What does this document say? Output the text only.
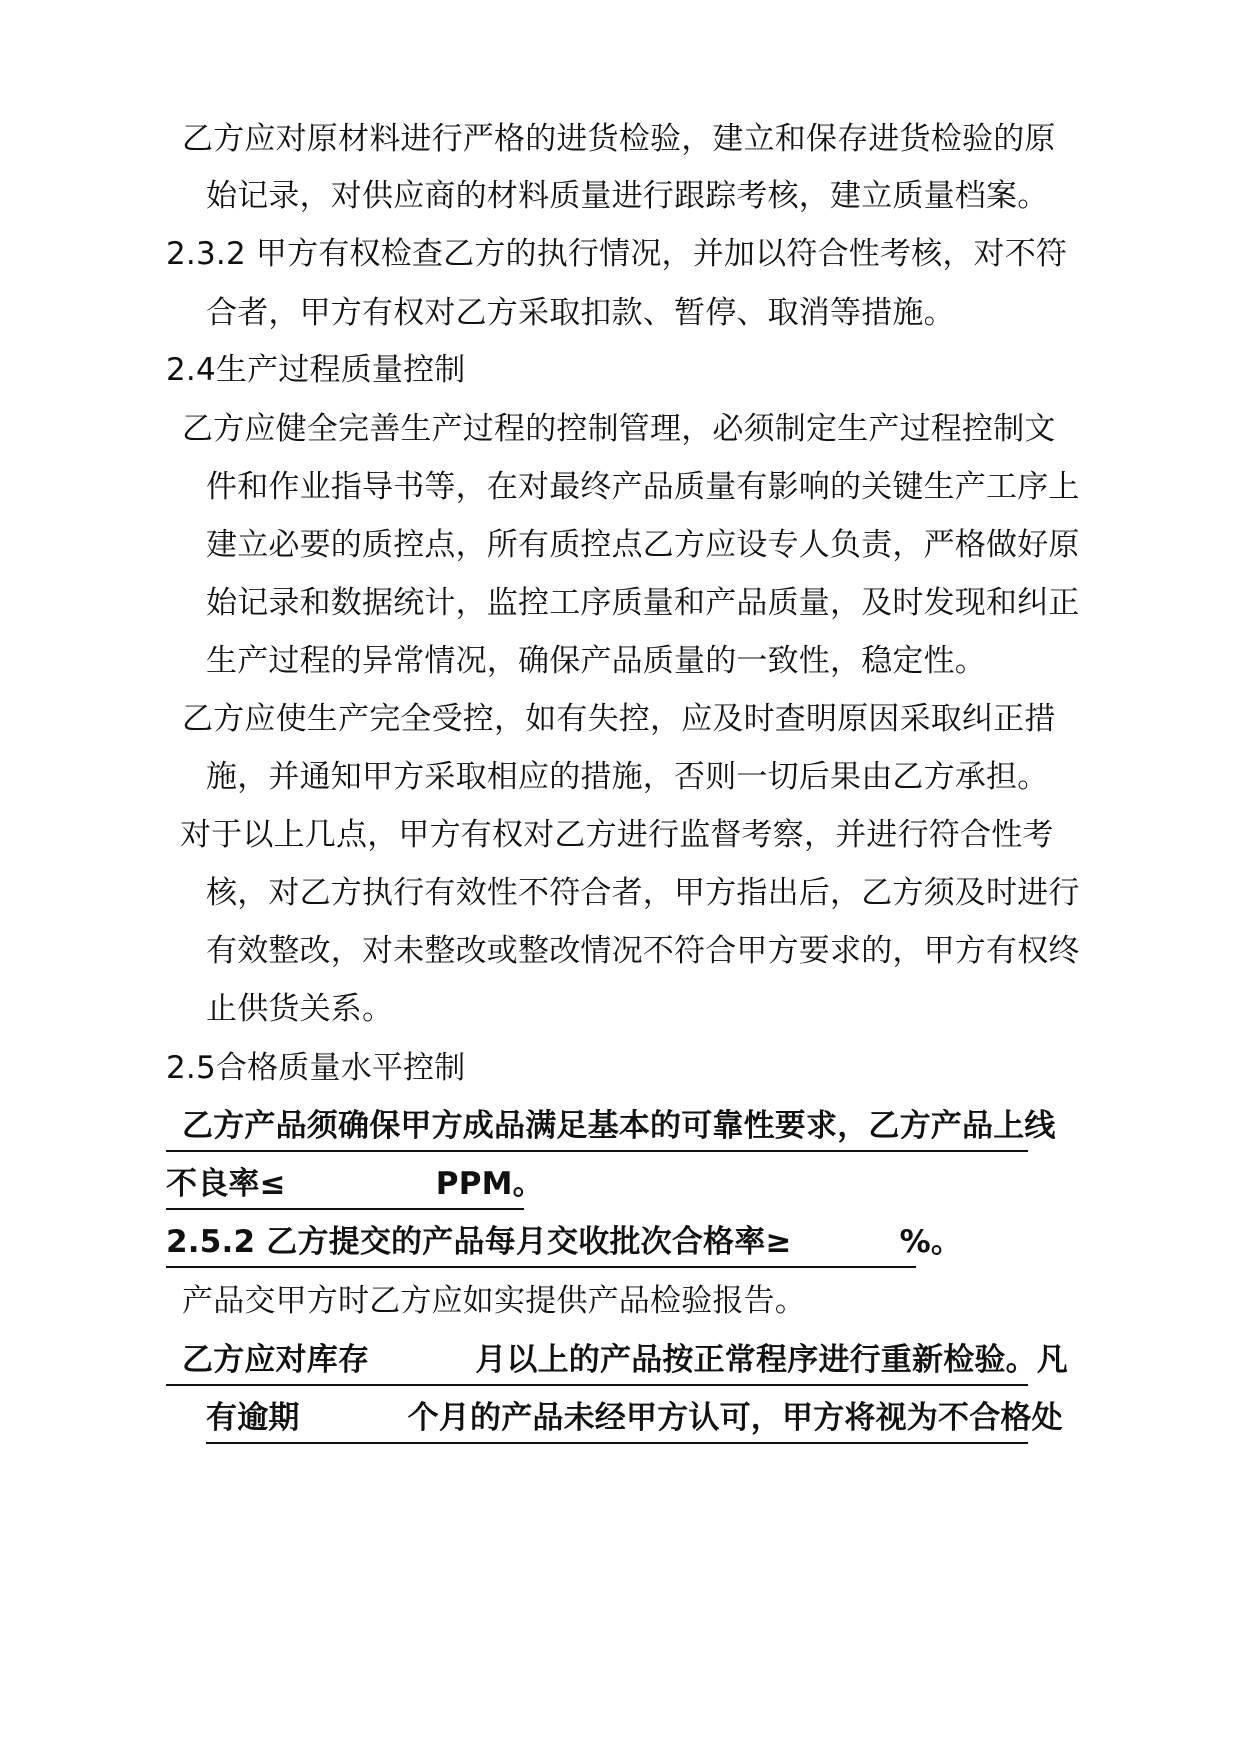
乙方应对原材料进行严格的进货检验，建立和保存进货检验的原
始记录，对供应商的材料质量进行跟踪考核，建立质量档案。
2.3.2 甲方有权检查乙方的执行情况，并加以符合性考核，对不符
合者，甲方有权对乙方采取扣款、暂停、取消等措施。
2.4生产过程质量控制
乙方应健全完善生产过程的控制管理，必须制定生产过程控制文
件和作业指导书等，在对最终产品质量有影响的关键生产工序上
建立必要的质控点，所有质控点乙方应设专人负责，严格做好原
始记录和数据统计，监控工序质量和产品质量，及时发现和纠正
生产过程的异常情况，确保产品质量的一致性，稳定性。
乙方应使生产完全受控，如有失控，应及时查明原因采取纠正措
施，并通知甲方采取相应的措施，否则一切后果由乙方承担。
对于以上几点，甲方有权对乙方进行监督考察，并进行符合性考
核，对乙方执行有效性不符合者，甲方指出后，乙方须及时进行
有效整改，对未整改或整改情况不符合甲方要求的，甲方有权终
止供货关系。
2.5合格质量水平控制
乙方产品须确保甲方成品满足基本的可靠性要求，乙方产品上线
不良率≤	PPM。
2.5.2 乙方提交的产品每月交收批次合格率≥	%。
产品交甲方时乙方应如实提供产品检验报告。
乙方应对库存	月以上的产品按正常程序进行重新检验。凡
有逾期	个月的产品未经甲方认可，甲方将视为不合格处
